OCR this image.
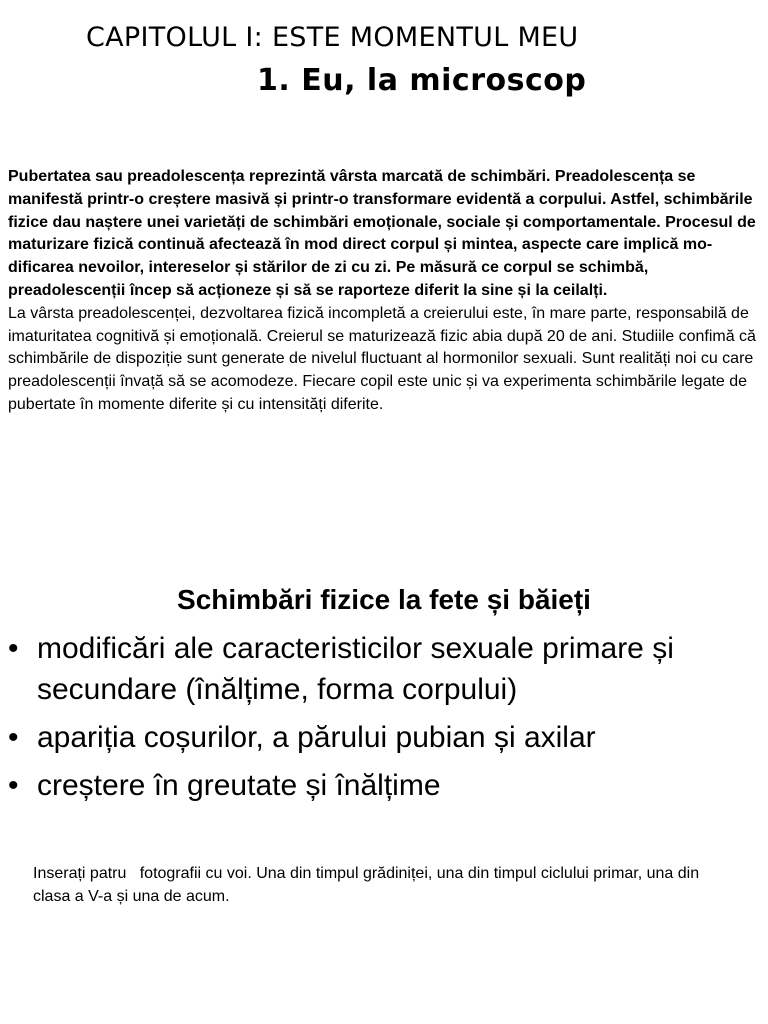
CAPITOLUL I: ESTE MOMENTUL MEU
1. Eu, la microscop

Pubertatea sau preadolescența reprezintă vârsta marcată de schimbări. Preadolescența se manifestă printr-o creștere masivă și printr-o transformare evidentă a corpului. Astfel, schimbările fizice dau naștere unei varietăți de schimbări emoționale, sociale și comportamentale. Procesul de maturizare fizică continuă afectează în mod direct corpul și mintea, aspecte care implică mo-dificarea nevoilor, intereselor și stărilor de zi cu zi. Pe măsură ce corpul se schimbă, preadolescenții încep să acționeze și să se raporteze diferit la sine și la ceilalți.

La vârsta preadolescenței, dezvoltarea fizică incompletă a creierului este, în mare parte, responsabilă de imaturitatea cognitivă și emoțională. Creierul se maturizează fizic abia după 20 de ani. Studiile confimă că schimbările de dispoziție sunt generate de nivelul fluctuant al hormonilor sexuali. Sunt realități noi cu care preadolescenții învață să se acomodeze. Fiecare copil este unic și va experimenta schimbările legate de pubertate în momente diferite și cu intensități diferite.

Schimbări fizice la fete și băieți
• modificări ale caracteristicilor sexuale primare și secundare (înălțime, forma corpului)
• apariția coșurilor, a părului pubian și axilar
• creștere în greutate și înălțime

Inserați patru   fotografii cu voi. Una din timpul grădiniței, una din timpul ciclului primar, una din clasa a V-a și una de acum.
